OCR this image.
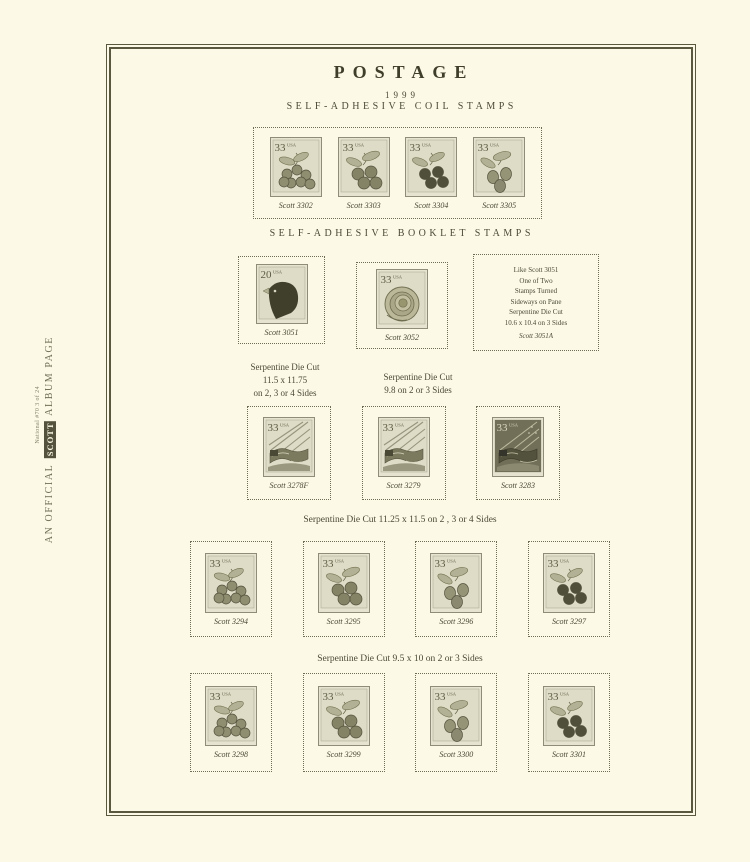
National #70 3 of 24
AN OFFICIALSCOTTALBUM PAGE
POSTAGE
1999
SELF-ADHESIVE COIL STAMPS
33 USA
Scott 3302
33 USA
Scott 3303
33 USA
Scott 3304
33 USA
Scott 3305
SELF-ADHESIVE BOOKLET STAMPS
20 USA
Scott 3051
33 USA
Scott 3052
Like Scott 3051
One of Two
Stamps Turned
Sideways on Pane
Serpentine Die Cut
10.6 x 10.4 on 3 Sides
Scott 3051A
Serpentine Die Cut
11.5 x 11.75
on 2, 3 or 4 Sides
Serpentine Die Cut
9.8 on 2 or 3 Sides
33 USA
Scott 3278F
33 USA
Scott 3279
33 USA
Scott 3283
Serpentine Die Cut 11.25 x 11.5 on 2 , 3 or 4 Sides
33 USA
Scott 3294
33 USA
Scott 3295
33 USA
Scott 3296
33 USA
Scott 3297
Serpentine Die Cut 9.5 x 10 on 2 or 3 Sides
33 USA
Scott 3298
33 USA
Scott 3299
33 USA
Scott 3300
33 USA
Scott 3301
